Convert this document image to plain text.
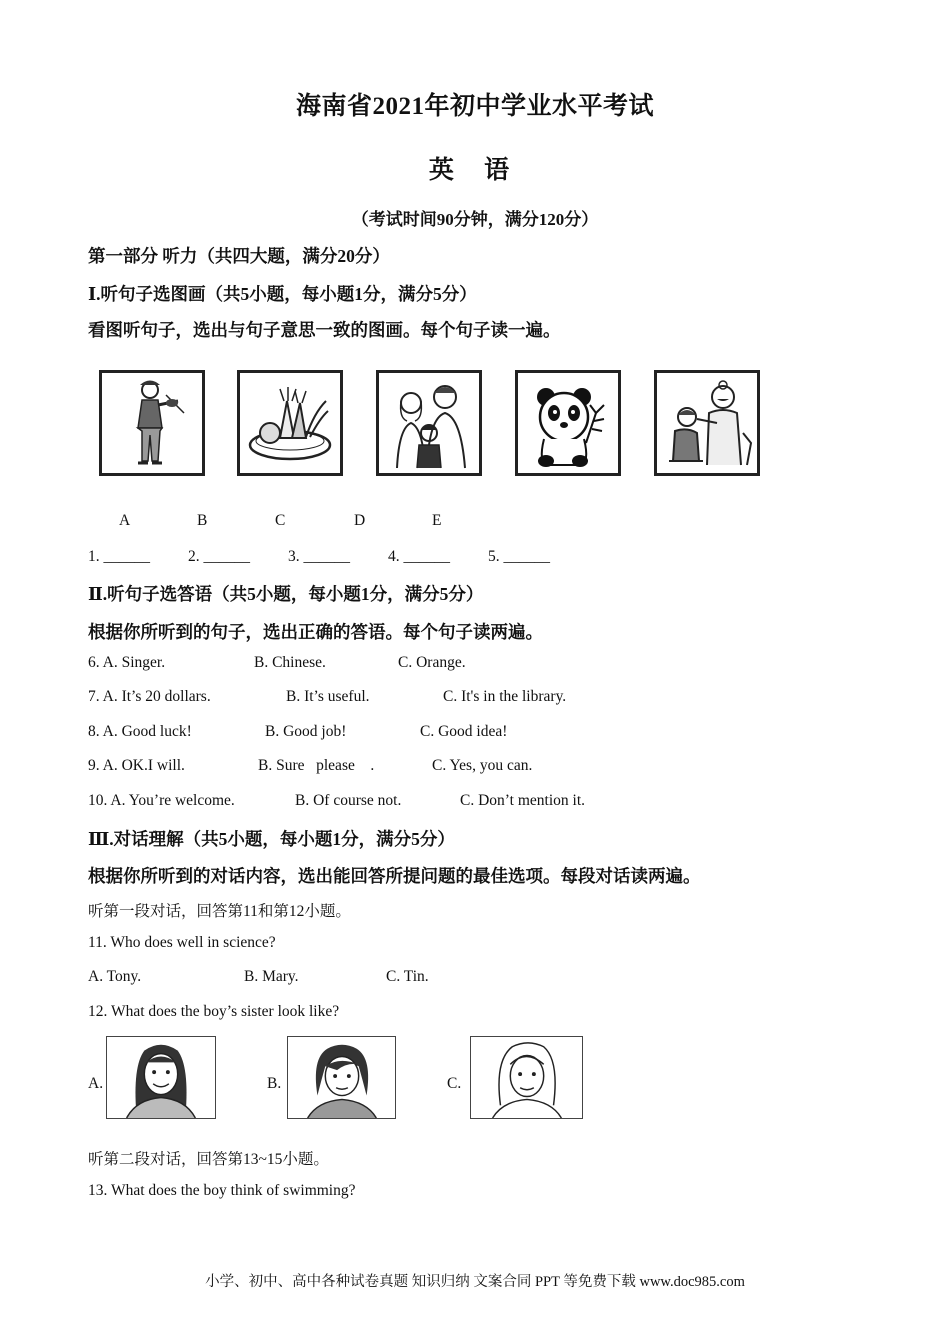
海南省2021年初中学业水平考试
英 语
（考试时间90分钟，满分120分）
第一部分 听力（共四大题，满分20分）
Ⅰ.听句子选图画（共5小题，每小题1分，满分5分）
看图听句子，选出与句子意思一致的图画。每个句子读一遍。
A	B	C	D	E
1. ______ 2. ______ 3. ______ 4. ______ 5. ______
Ⅱ.听句子选答语（共5小题，每小题1分，满分5分）
根据你所听到的句子，选出正确的答语。每个句子读两遍。
6. A. Singer.	B. Chinese.	C. Orange.
7. A. It’s 20 dollars.	B. It’s useful.	C. It's in the library.
8. A. Good luck!	B. Good job!	C. Good idea!
9. A. OK.I will.	B. Sure   please    .	C. Yes, you can.
10. A. You’re welcome.	B. Of course not.	C. Don’t mention it.
Ⅲ.对话理解（共5小题，每小题1分，满分5分）
根据你所听到的对话内容，选出能回答所提问题的最佳选项。每段对话读两遍。
听第一段对话，回答第11和第12小题。
11. Who does well in science?
A. Tony.	B. Mary.	C. Tin.
12. What does the boy’s sister look like?
A.	B.	C.
听第二段对话，回答第13~15小题。
13. What does the boy think of swimming?
小学、初中、高中各种试卷真题 知识归纳 文案合同 PPT 等免费下载 www.doc985.com
